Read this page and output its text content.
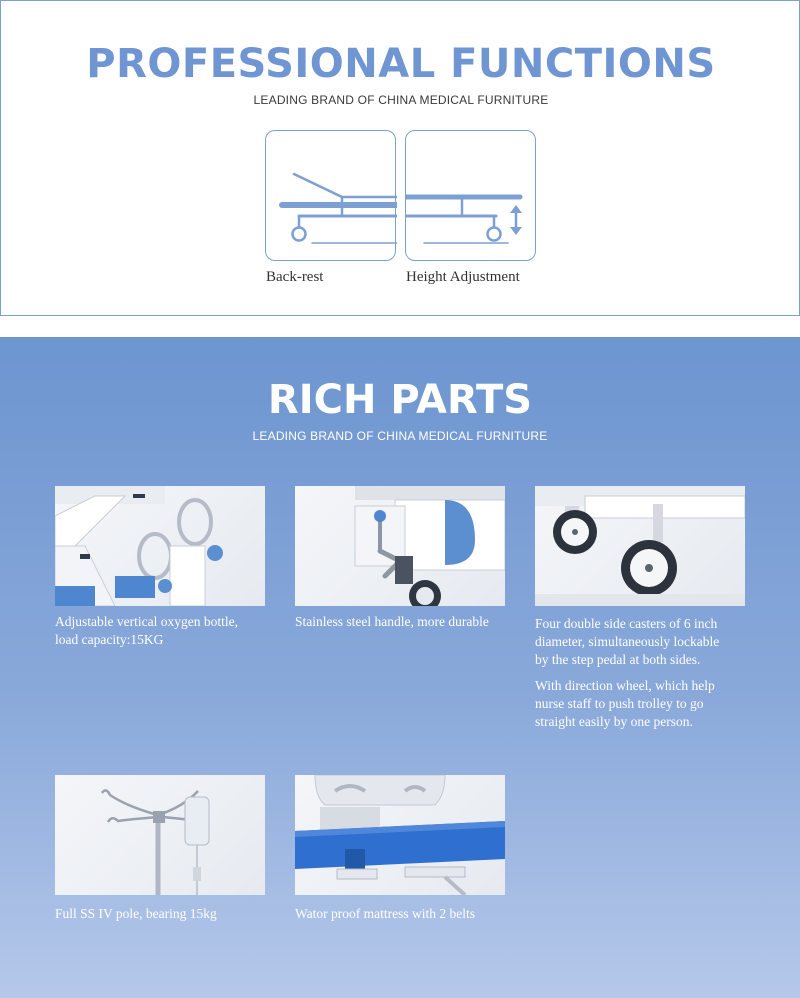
PROFESSIONAL FUNCTIONS
LEADING BRAND OF CHINA MEDICAL FURNITURE
Back-rest	Height Adjustment
RICH PARTS
LEADING BRAND OF CHINA MEDICAL FURNITURE

Adjustable vertical oxygen bottle, load capacity:15KG

Stainless steel handle, more durable	Four double side casters of 6 inch diameter, simultaneously lockable by the step pedal at both sides.

With direction wheel, which help nurse staff to push trolley to go straight easily by one person.

Full SS IV pole, bearing 15kg	Wator proof mattress with 2 belts
